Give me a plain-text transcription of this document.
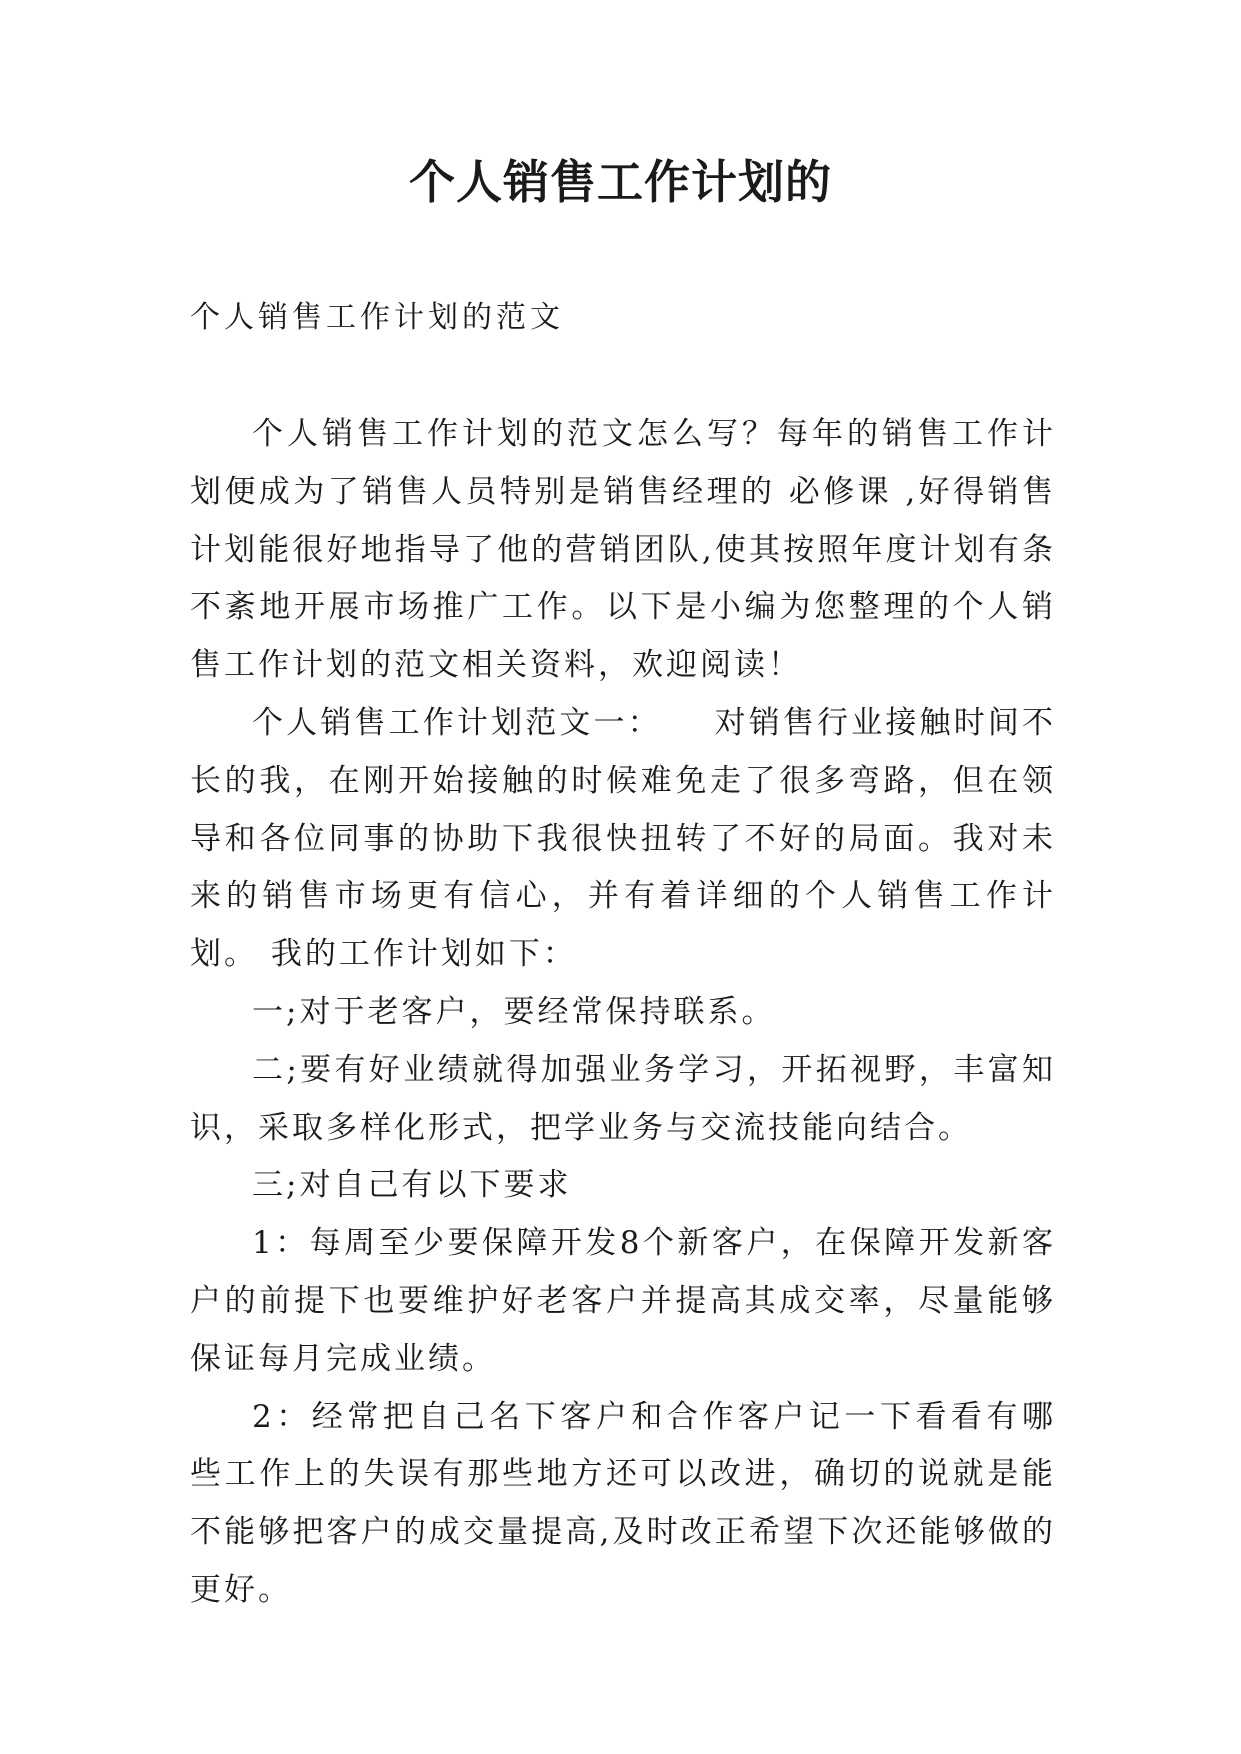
个人销售工作计划的
个人销售工作计划的范文

个人销售工作计划的范文怎么写？每年的销售工作计划便成为了销售人员特别是销售经理的 必修课 ,好得销售计划能很好地指导了他的营销团队,使其按照年度计划有条不紊地开展市场推广工作。以下是小编为您整理的个人销售工作计划的范文相关资料，欢迎阅读！

个人销售工作计划范文一：　　对销售行业接触时间不长的我，在刚开始接触的时候难免走了很多弯路，但在领导和各位同事的协助下我很快扭转了不好的局面。我对未来的销售市场更有信心，并有着详细的个人销售工作计划。 我的工作计划如下：

一;对于老客户，要经常保持联系。

二;要有好业绩就得加强业务学习，开拓视野，丰富知识，采取多样化形式，把学业务与交流技能向结合。

三;对自己有以下要求

1：每周至少要保障开发8个新客户，在保障开发新客户的前提下也要维护好老客户并提高其成交率，尽量能够保证每月完成业绩。

2：经常把自己名下客户和合作客户记一下看看有哪些工作上的失误有那些地方还可以改进，确切的说就是能不能够把客户的成交量提高,及时改正希望下次还能够做的更好。
